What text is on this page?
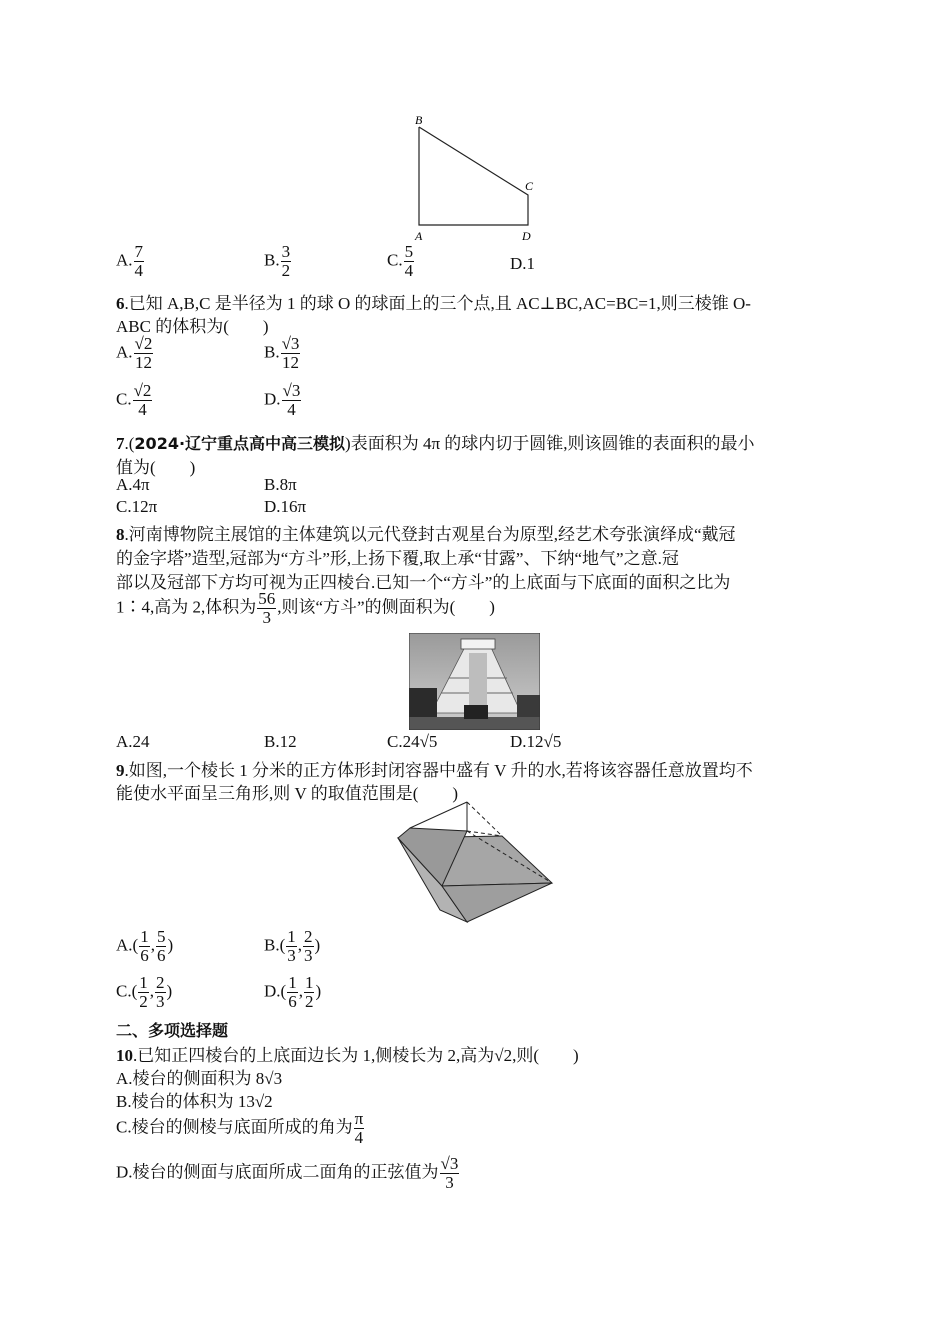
B
C
A	D
A. $\frac{7}{4}$	B. $\frac{3}{2}$	C. $\frac{5}{4}$	D.1
6.已知 A,B,C 是半径为 1 的球 O 的球面上的三个点,且 AC⊥BC,AC=BC=1,则三棱锥 O-
ABC 的体积为(　　)
A. $\frac{√2}{12}$	B. $\frac{√3}{12}$
C. $\frac{√2}{4}$	D. $\frac{√3}{4}$
7.(2024·辽宁重点高中高三模拟)表面积为 4π 的球内切于圆锥,则该圆锥的表面积的最小
值为(　　)
A.4π	B.8π
C.12π	D.16π
8.河南博物院主展馆的主体建筑以元代登封古观星台为原型,经艺术夸张演绎成“戴冠
的金字塔”造型,冠部为“方斗”形,上扬下覆,取上承“甘露”、下纳“地气”之意.冠
部以及冠部下方均可视为正四棱台.已知一个“方斗”的上底面与下底面的面积之比为
1∶4,高为 2,体积为 $\frac{56}{3}$ ,则该“方斗”的侧面积为(　　)
A.24	B.12	C.24√5	D.12√5
9.如图,一个棱长 1 分米的正方体形封闭容器中盛有 V 升的水,若将该容器任意放置均不
能使水平面呈三角形,则 V 的取值范围是(　　)
$A.( \frac{1}{6}$ , $\frac{5}{6}$ )	$B.( \frac{1}{3}$ , $\frac{2}{3}$ )
$C.( \frac{1}{2}$ , $\frac{2}{3}$ )	$D.( \frac{1}{6}$ , $\frac{1}{2}$ )
二、多项选择题
10.已知正四棱台的上底面边长为 1,侧棱长为 2,高为√2,则(　　)
A.棱台的侧面积为 8√3
B.棱台的体积为 13√2
C.棱台的侧棱与底面所成的角为 $\frac{\pi}{4}$
D.棱台的侧面与底面所成二面角的正弦值为 $\frac{√3}{3}$
